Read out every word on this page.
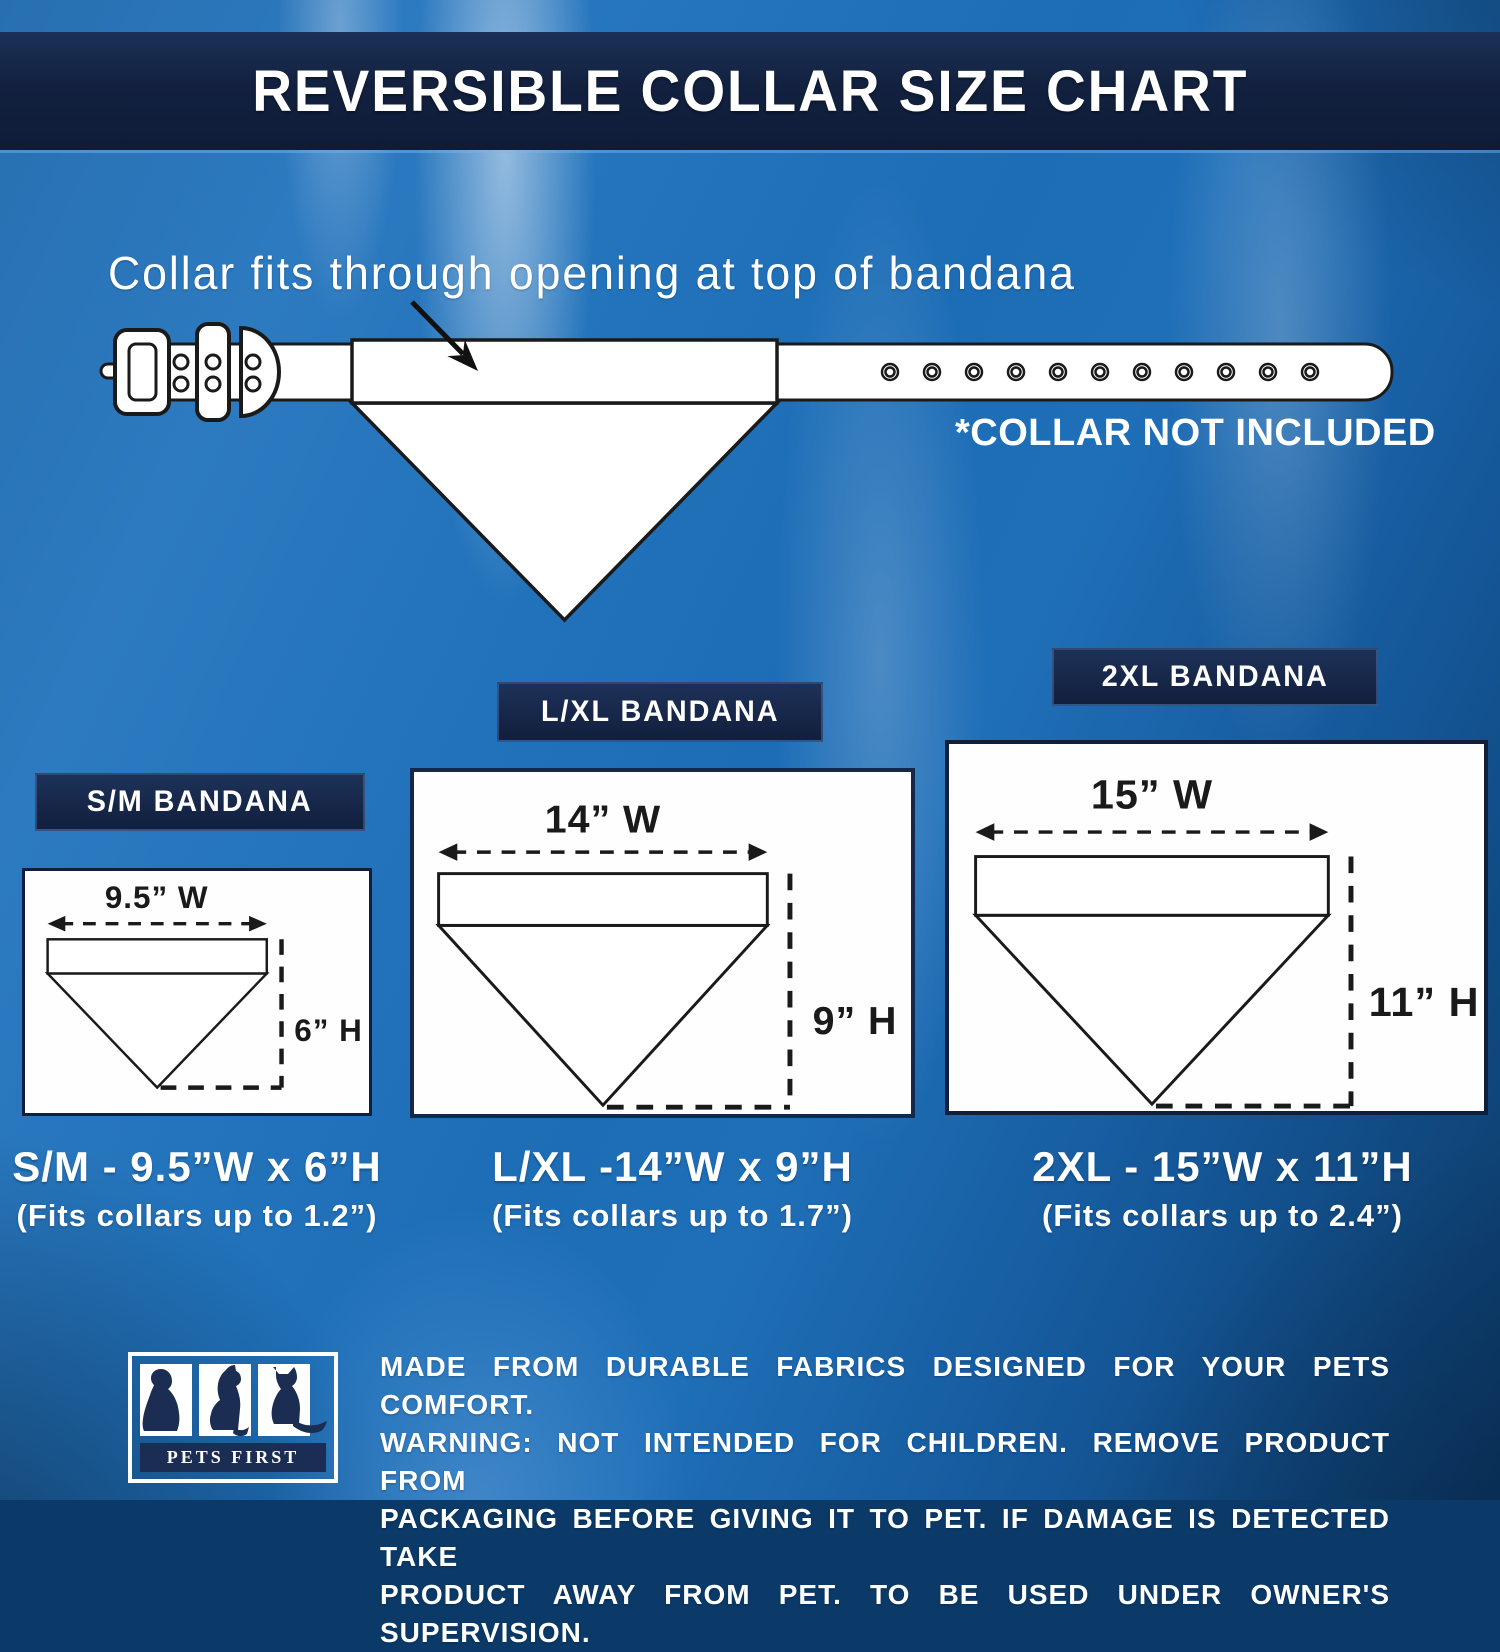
REVERSIBLE COLLAR SIZE CHART
Collar fits through opening at top of bandana
*COLLAR NOT INCLUDED
S/M BANDANA
9.5” W
6” H
S/M - 9.5”W x 6”H
(Fits collars up to 1.2”)
L/XL BANDANA
14” W
9” H
L/XL -14”W x 9”H
(Fits collars up to 1.7”)
2XL BANDANA
15” W
11” H
2XL - 15”W x 11”H
(Fits collars up to 2.4”)
PETS FIRST
MADE FROM DURABLE FABRICS DESIGNED FOR YOUR PETS COMFORT.
WARNING: NOT INTENDED FOR CHILDREN. REMOVE PRODUCT FROM
PACKAGING BEFORE GIVING IT TO PET. IF DAMAGE IS DETECTED TAKE
PRODUCT AWAY FROM PET. TO BE USED UNDER OWNER'S SUPERVISION.
